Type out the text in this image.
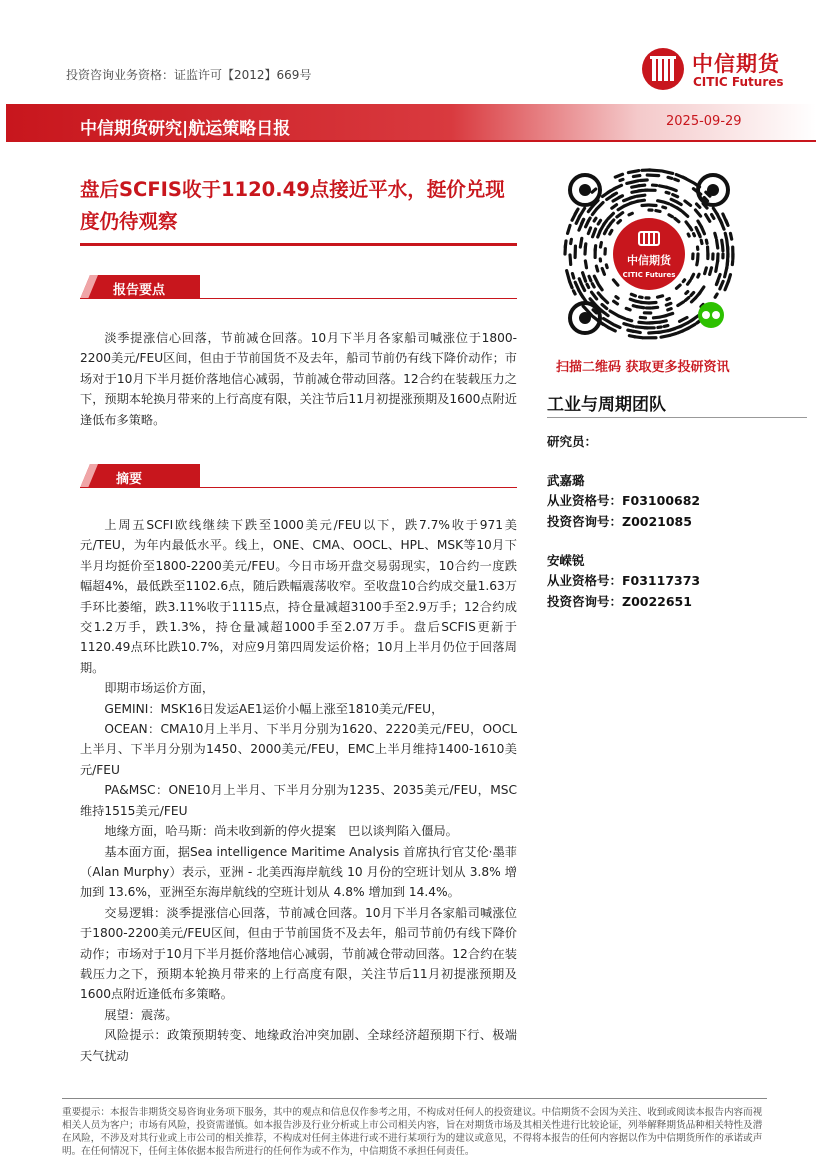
投资咨询业务资格：证监许可【2012】669号	中信期货
CITIC Futures
中信期货研究|航运策略日报	2025-09-29
盘后SCFIS收于1120.49点接近平水，挺价兑现度仍待观察
报告要点

淡季提涨信心回落，节前减仓回落。10月下半月各家船司喊涨位于1800-2200美元/FEU区间，但由于节前国货不及去年，船司节前仍有线下降价动作；市场对于10月下半月挺价落地信心减弱，节前减仓带动回落。12合约在装载压力之下，预期本轮换月带来的上行高度有限，关注节后11月初提涨预期及1600点附近逢低布多策略。

摘要

上周五SCFI欧线继续下跌至1000美元/FEU以下，跌7.7%收于971美元/TEU，为年内最低水平。线上，ONE、CMA、OOCL、HPL、MSK等10月下半月均挺价至1800-2200美元/FEU。今日市场开盘交易弱现实，10合约一度跌幅超4%，最低跌至1102.6点，随后跌幅震荡收窄。至收盘10合约成交量1.63万手环比萎缩，跌3.11%收于1115点，持仓量减超3100手至2.9万手；12合约成交1.2万手，跌1.3%，持仓量减超1000手至2.07万手。盘后SCFIS更新于1120.49点环比跌10.7%，对应9月第四周发运价格；10月上半月仍位于回落周期。

即期市场运价方面，

GEMINI：MSK16日发运AE1运价小幅上涨至1810美元/FEU，

OCEAN：CMA10月上半月、下半月分别为1620、2220美元/FEU，OOCL上半月、下半月分别为1450、2000美元/FEU，EMC上半月维持1400-1610美元/FEU

PA&MSC：ONE10月上半月、下半月分别为1235、2035美元/FEU，MSC维持1515美元/FEU

地缘方面，哈马斯：尚未收到新的停火提案　巴以谈判陷入僵局。

基本面方面，据Sea intelligence Maritime Analysis 首席执行官艾伦·墨菲（Alan Murphy）表示，亚洲 - 北美西海岸航线 10 月份的空班计划从 3.8% 增加到 13.6%，亚洲至东海岸航线的空班计划从 4.8% 增加到 14.4%。

交易逻辑：淡季提涨信心回落，节前减仓回落。10月下半月各家船司喊涨位于1800-2200美元/FEU区间，但由于节前国货不及去年，船司节前仍有线下降价动作；市场对于10月下半月挺价落地信心减弱，节前减仓带动回落。12合约在装载压力之下，预期本轮换月带来的上行高度有限，关注节后11月初提涨预期及1600点附近逢低布多策略。

展望：震荡。

风险提示：政策预期转变、地缘政治冲突加剧、全球经济超预期下行、极端天气扰动

中信期货
CITIC Futures
扫描二维码 获取更多投研资讯
工业与周期团队
研究员：
武嘉璐
从业资格号：F03100682
投资咨询号：Z0021085
安嵘锐
从业资格号：F03117373
投资咨询号：Z0022651
重要提示：本报告非期货交易咨询业务项下服务，其中的观点和信息仅作参考之用，不构成对任何人的投资建议。中信期货不会因为关注、收到或阅读本报告内容而视相关人员为客户；市场有风险，投资需谨慎。如本报告涉及行业分析或上市公司相关内容，旨在对期货市场及其相关性进行比较论证，列举解释期货品种相关特性及潜在风险，不涉及对其行业或上市公司的相关推荐，不构成对任何主体进行或不进行某项行为的建议或意见，不得将本报告的任何内容据以作为中信期货所作的承诺或声明。在任何情况下，任何主体依据本报告所进行的任何作为或不作为，中信期货不承担任何责任。
